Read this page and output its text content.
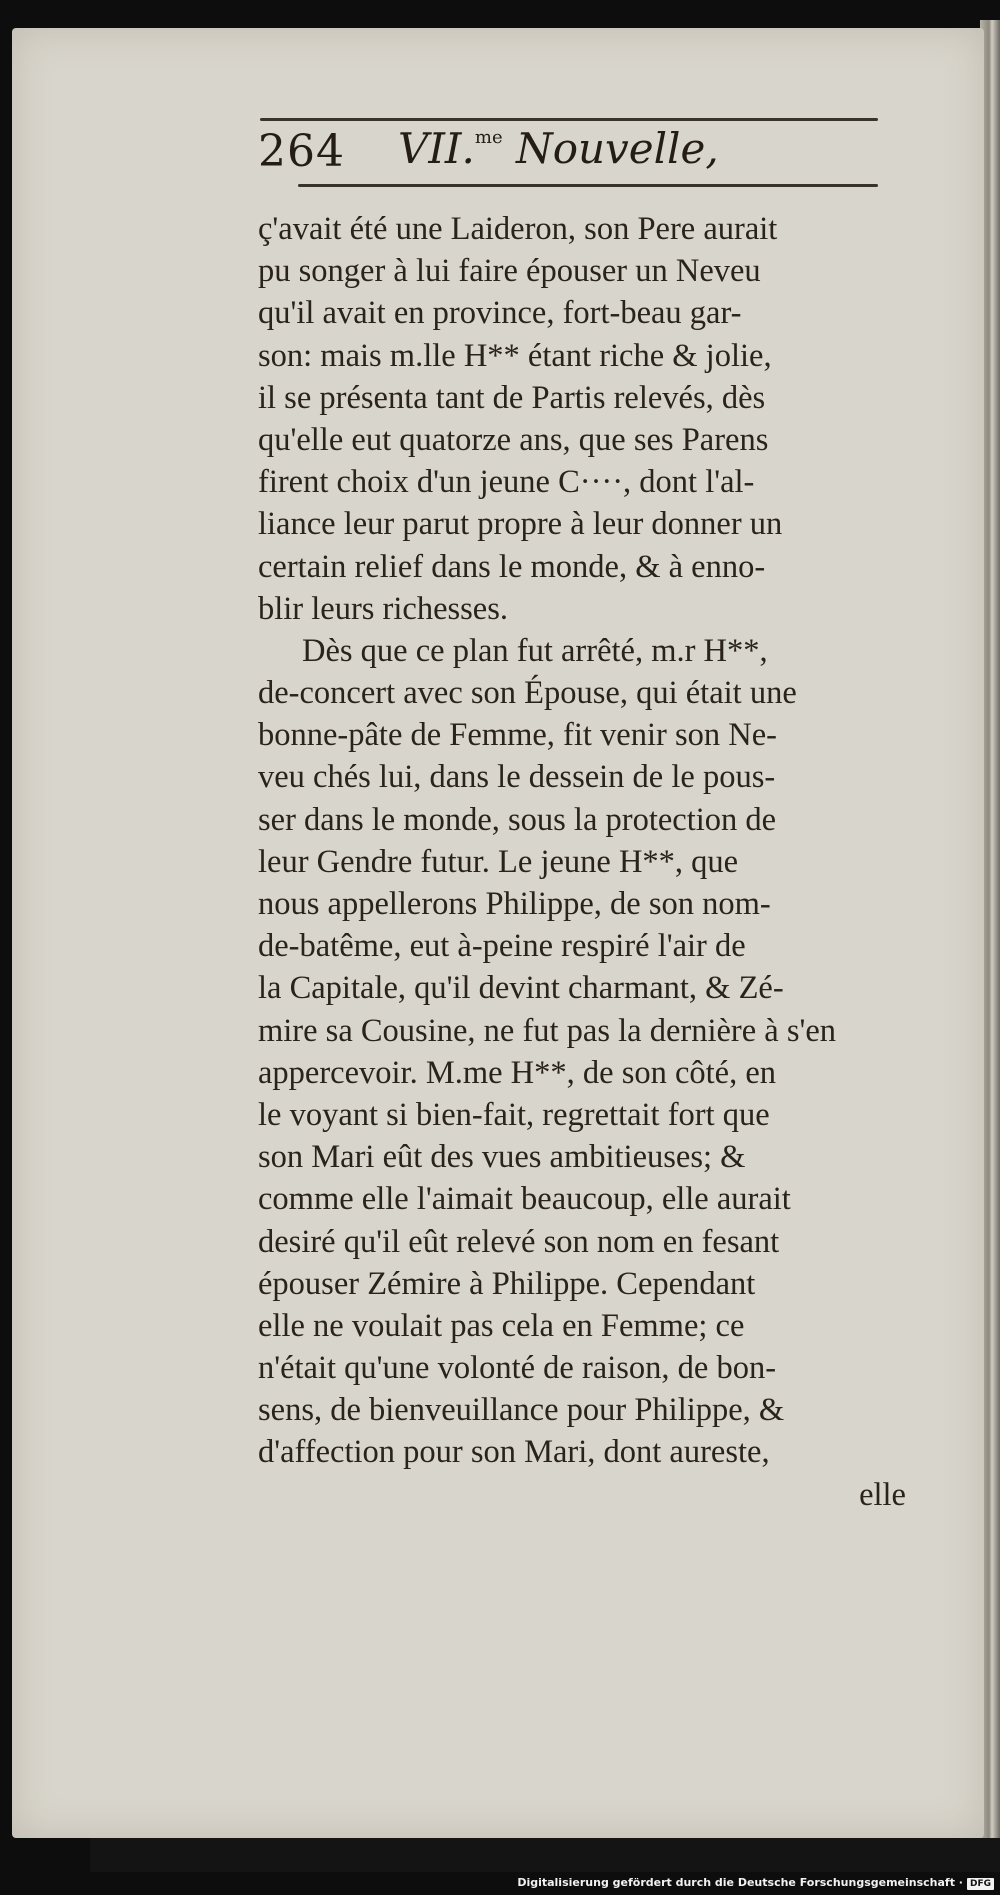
264 VII.$^{me}$ Nouvelle,
ç'avait été une Laideron, son Pere aurait
pu songer à lui faire épouser un Neveu
qu'il avait en province, fort-beau gar-
son: mais m.lle H** étant riche & jolie,
il se présenta tant de Partis relevés, dès
qu'elle eut quatorze ans, que ses Parens
firent choix d'un jeune C····, dont l'al-
liance leur parut propre à leur donner un
certain relief dans le monde, & à enno-
blir leurs richesses.
Dès que ce plan fut arrêté, m.r H**,
de-concert avec son Épouse, qui était une
bonne-pâte de Femme, fit venir son Ne-
veu chés lui, dans le dessein de le pous-
ser dans le monde, sous la protection de
leur Gendre futur. Le jeune H**, que
nous appellerons Philippe, de son nom-
de-batême, eut à-peine respiré l'air de
la Capitale, qu'il devint charmant, & Zé-
mire sa Cousine, ne fut pas la dernière à s'en
appercevoir. M.me H**, de son côté, en
le voyant si bien-fait, regrettait fort que
son Mari eût des vues ambitieuses; &
comme elle l'aimait beaucoup, elle aurait
desiré qu'il eût relevé son nom en fesant
épouser Zémire à Philippe. Cependant
elle ne voulait pas cela en Femme; ce
n'était qu'une volonté de raison, de bon-
sens, de bienveuillance pour Philippe, &
d'affection pour son Mari, dont aureste,
elle
Digitalisierung gefördert durch die Deutsche Forschungsgemeinschaft · DFG
